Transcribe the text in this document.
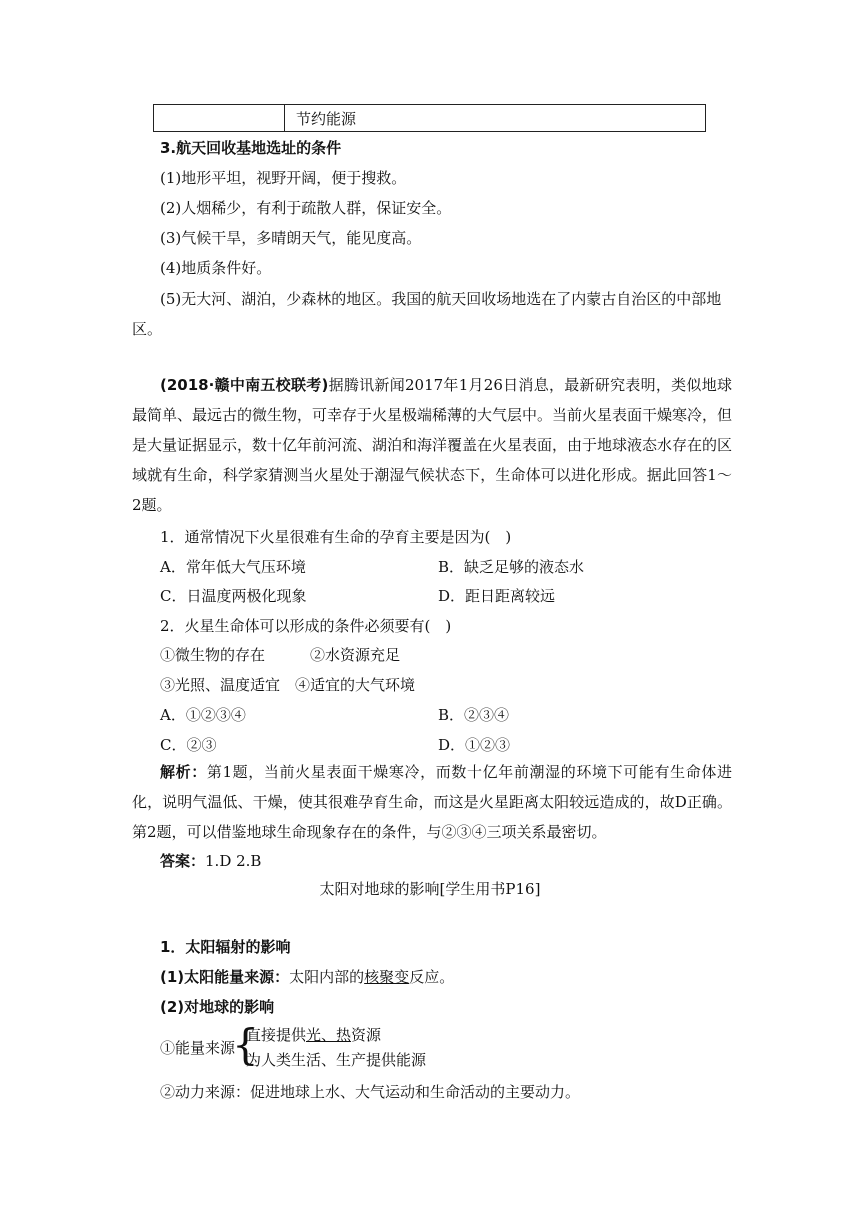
节约能源
3.航天回收基地选址的条件
(1)地形平坦，视野开阔，便于搜救。
(2)人烟稀少，有利于疏散人群，保证安全。
(3)气候干旱，多晴朗天气，能见度高。
(4)地质条件好。
(5)无大河、湖泊，少森林的地区。我国的航天回收场地选在了内蒙古自治区的中部地
区。
(2018·赣中南五校联考)据腾讯新闻2017年1月26日消息，最新研究表明，类似地球最简单、最远古的微生物，可幸存于火星极端稀薄的大气层中。当前火星表面干燥寒冷，但是大量证据显示，数十亿年前河流、湖泊和海洋覆盖在火星表面，由于地球液态水存在的区域就有生命，科学家猜测当火星处于潮湿气候状态下，生命体可以进化形成。据此回答1～2题。
1．通常情况下火星很难有生命的孕育主要是因为(　)
A．常年低大气压环境	B．缺乏足够的液态水
C．日温度两极化现象	D．距日距离较远
2．火星生命体可以形成的条件必须要有(　)
①微生物的存在　　　②水资源充足
③光照、温度适宜　④适宜的大气环境
A．①②③④	B．②③④
C．②③	D．①②③
解析：第1题，当前火星表面干燥寒冷，而数十亿年前潮湿的环境下可能有生命体进化，说明气温低、干燥，使其很难孕育生命，而这是火星距离太阳较远造成的，故D正确。第2题，可以借鉴地球生命现象存在的条件，与②③④三项关系最密切。
答案：1.D 2.B
太阳对地球的影响[学生用书P16]
1．太阳辐射的影响
(1)太阳能量来源：太阳内部的核聚变反应。
(2)对地球的影响
①能量来源
{
直接提供光、热资源
为人类生活、生产提供能源
②动力来源：促进地球上水、大气运动和生命活动的主要动力。
